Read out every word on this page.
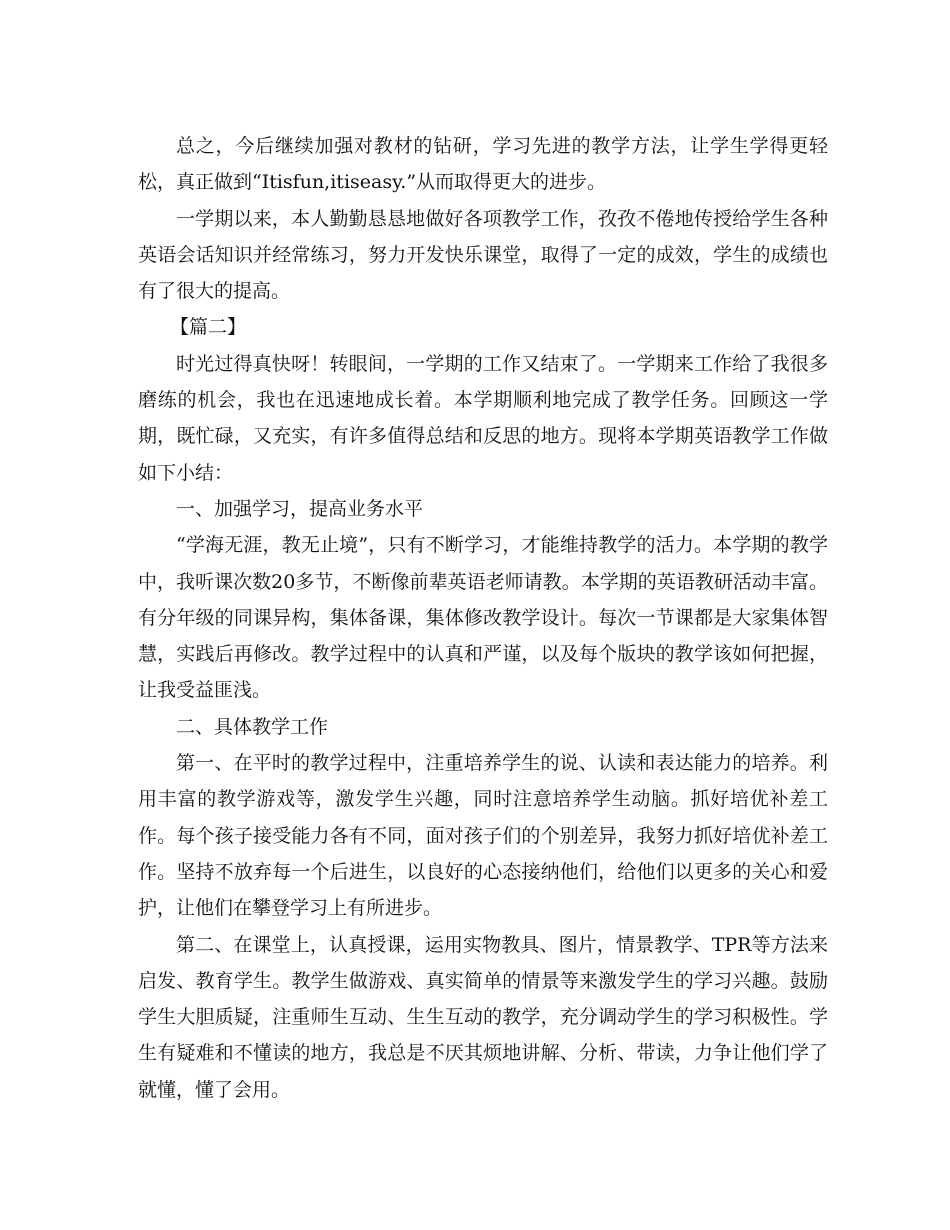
总之，今后继续加强对教材的钻研，学习先进的教学方法，让学生学得更轻松，真正做到“Itisfun,itiseasy.”从而取得更大的进步。

一学期以来，本人勤勤恳恳地做好各项教学工作，孜孜不倦地传授给学生各种英语会话知识并经常练习，努力开发快乐课堂，取得了一定的成效，学生的成绩也有了很大的提高。

【篇二】

时光过得真快呀！转眼间，一学期的工作又结束了。一学期来工作给了我很多磨练的机会，我也在迅速地成长着。本学期顺利地完成了教学任务。回顾这一学期，既忙碌，又充实，有许多值得总结和反思的地方。现将本学期英语教学工作做如下小结：

一、加强学习，提高业务水平

“学海无涯，教无止境”，只有不断学习，才能维持教学的活力。本学期的教学中，我听课次数20多节，不断像前辈英语老师请教。本学期的英语教研活动丰富。有分年级的同课异构，集体备课，集体修改教学设计。每次一节课都是大家集体智慧，实践后再修改。教学过程中的认真和严谨，以及每个版块的教学该如何把握，让我受益匪浅。

二、具体教学工作

第一、在平时的教学过程中，注重培养学生的说、认读和表达能力的培养。利用丰富的教学游戏等，激发学生兴趣，同时注意培养学生动脑。抓好培优补差工作。每个孩子接受能力各有不同，面对孩子们的个别差异，我努力抓好培优补差工作。坚持不放弃每一个后进生，以良好的心态接纳他们，给他们以更多的关心和爱护，让他们在攀登学习上有所进步。

第二、在课堂上，认真授课，运用实物教具、图片，情景教学、TPR等方法来启发、教育学生。教学生做游戏、真实简单的情景等来激发学生的学习兴趣。鼓励学生大胆质疑，注重师生互动、生生互动的教学，充分调动学生的学习积极性。学生有疑难和不懂读的地方，我总是不厌其烦地讲解、分析、带读，力争让他们学了就懂，懂了会用。
